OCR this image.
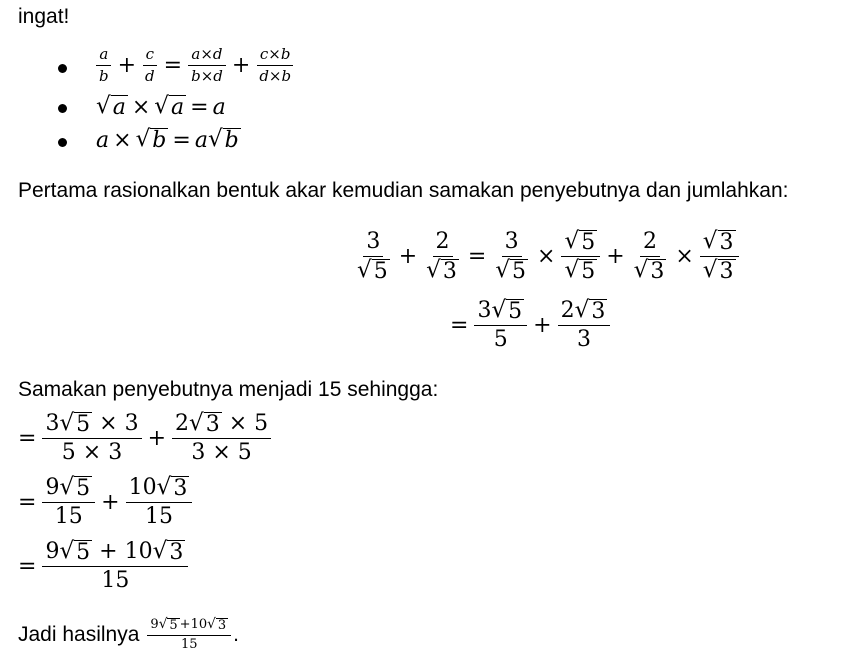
ingat!
$\frac{a}{b} + \frac{c}{d} = \frac{a\times d}{b\times d} + \frac{c\times b}{d\times b}$
√ a × √ a = a
a × √ b = a √ b
Pertama rasionalkan bentuk akar kemudian samakan penyebutnya dan jumlahkan:
$\frac{3}{√ 5} + \frac{2}{√ 3} = \frac{3}{√ 5} \times \frac{√ 5}{√ 5} + \frac{2}{√ 3} \times \frac{√ 3}{√ 3}$
= $\frac{3 √ 5}{5} + \frac{2 √ 3}{3}$
Samakan penyebutnya menjadi 15 sehingga:
= $\frac{3 √ 5 \times 3}{5 \times 3} + \frac{2 √ 3 \times 5}{3 \times 5}$
= $\frac{9 √ 5}{15} + \frac{10 √ 3}{15}$
= $\frac{9 √ 5 + 10 √ 3}{15}$
Jadi hasilnya $\frac{9 √ 5 +10 √ 3}{15}$ .
